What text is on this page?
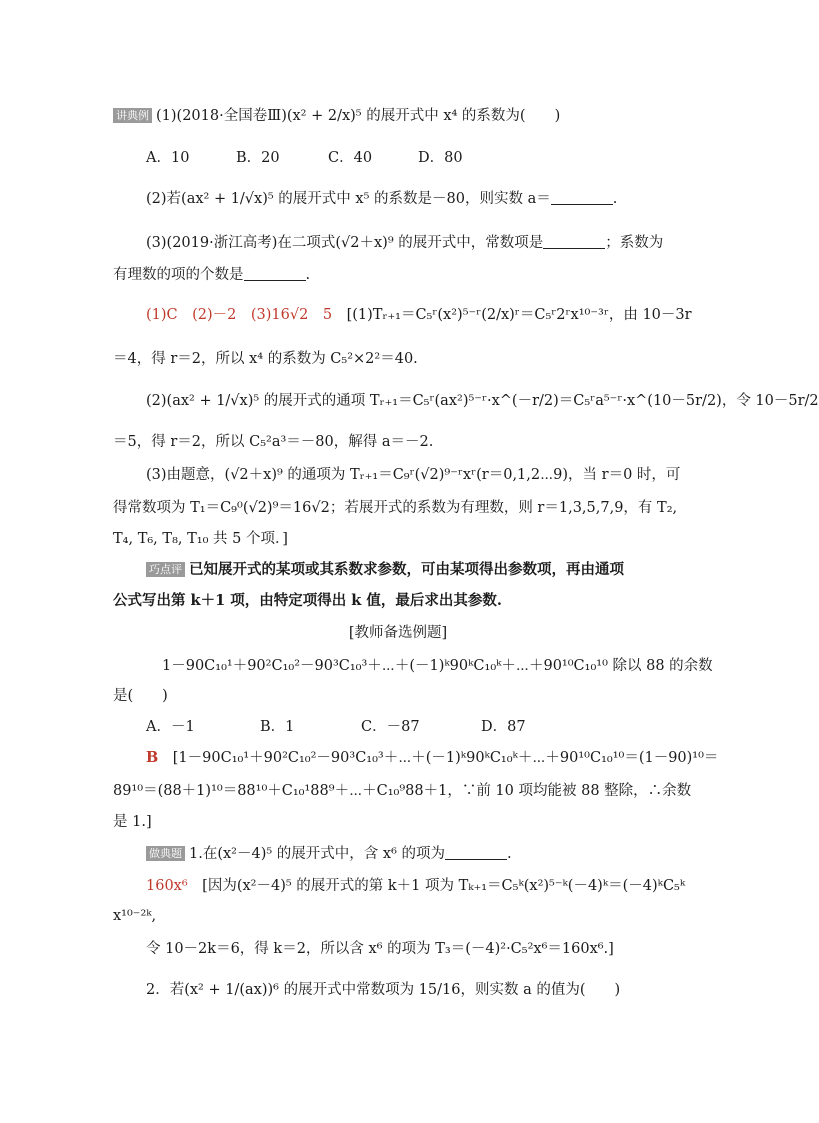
讲典例 (1)(2018·全国卷Ⅲ)(x² + 2/x)⁵ 的展开式中 x⁴ 的系数为(　　)
A．10	B．20	C．40	D．80
(2)若(ax² + 1/√x)⁵ 的展开式中 x⁵ 的系数是－80，则实数 a＝	.
(3)(2019·浙江高考)在二项式(√2＋x)⁹ 的展开式中，常数项是	；系数为
有理数的项的个数是	.
(1)C　(2)－2　(3)16√2　5　 [(1)Tᵣ₊₁＝C₅ʳ(x²)⁵⁻ʳ(2/x)ʳ＝C₅ʳ2ʳx¹⁰⁻³ʳ，由 10－3r
＝4，得 r＝2，所以 x⁴ 的系数为 C₅²×2²＝40.
(2)(ax² + 1/√x)⁵ 的展开式的通项 Tᵣ₊₁＝C₅ʳ(ax²)⁵⁻ʳ·x^(－r/2)＝C₅ʳa⁵⁻ʳ·x^(10－5r/2)，令 10－5r/2
＝5，得 r＝2，所以 C₅²a³＝－80，解得 a＝－2.
(3)由题意，(√2＋x)⁹ 的通项为 Tᵣ₊₁＝C₉ʳ(√2)⁹⁻ʳxʳ(r＝0,1,2⋯9)，当 r＝0 时，可
得常数项为 T₁＝C₉⁰(√2)⁹＝16√2；若展开式的系数为有理数，则 r＝1,3,5,7,9，有 T₂,
T₄, T₆, T₈, T₁₀ 共 5 个项．]
巧点评 已知展开式的某项或其系数求参数，可由某项得出参数项，再由通项
公式写出第 k＋1 项，由特定项得出 k 值，最后求出其参数.
[教师备选例题]
1－90C₁₀¹＋90²C₁₀²－90³C₁₀³＋⋯＋(－1)ᵏ90ᵏC₁₀ᵏ＋⋯＋90¹⁰C₁₀¹⁰ 除以 88 的余数
是(　　)
A．－1	B．1	C．－87	D．87
B　 [1－90C₁₀¹＋90²C₁₀²－90³C₁₀³＋⋯＋(－1)ᵏ90ᵏC₁₀ᵏ＋⋯＋90¹⁰C₁₀¹⁰＝(1－90)¹⁰＝
89¹⁰＝(88＋1)¹⁰＝88¹⁰＋C₁₀¹88⁹＋⋯＋C₁₀⁹88＋1，∵前 10 项均能被 88 整除，∴余数
是 1.]
做典题 1.在(x²－4)⁵ 的展开式中，含 x⁶ 的项为	.
160x⁶　 [因为(x²－4)⁵ 的展开式的第 k＋1 项为 Tₖ₊₁＝C₅ᵏ(x²)⁵⁻ᵏ(－4)ᵏ＝(－4)ᵏC₅ᵏ
x¹⁰⁻²ᵏ,
令 10－2k＝6，得 k＝2，所以含 x⁶ 的项为 T₃＝(－4)²·C₅²x⁶＝160x⁶.]
2．若(x² + 1/(ax))⁶ 的展开式中常数项为 15/16，则实数 a 的值为(　　)
